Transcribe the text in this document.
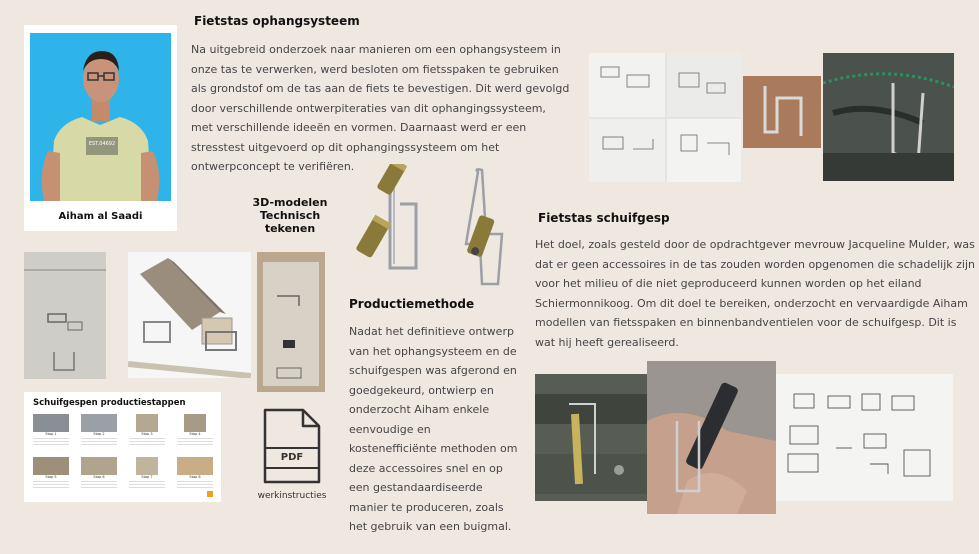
EST.04692
Aiham al Saadi
Fietstas ophangsysteem
Na uitgebreid onderzoek naar manieren om een ophangsysteem in onze tas te verwerken, werd besloten om fietsspaken te gebruiken als grondstof om de tas aan de fiets te bevestigen. Dit werd gevolgd door verschillende ontwerpiteraties van dit ophangingssysteem, met verschillende ideeën en vormen. Daarnaast werd er een stresstest uitgevoerd op dit ophangingssysteem om het ontwerpconcept te verifiëren.
3D-modelen Technisch
tekenen
Productiemethode
Nadat het definitieve ontwerp van het ophangsysteem en de schuifgespen was afgerond en goedgekeurd, ontwierp en onderzocht Aiham enkele eenvoudige en kostenefficiënte methoden om deze accessoires snel en op een gestandaardiseerde manier te produceren, zoals het gebruik van een buigmal.
Fietstas schuifgesp
Het doel, zoals gesteld door de opdrachtgever mevrouw Jacqueline Mulder, was dat er geen accessoires in de tas zouden worden opgenomen die schadelijk zijn voor het milieu of die niet geproduceerd kunnen worden op het eiland Schiermonnikoog. Om dit doel te bereiken, onderzocht en vervaardigde Aiham modellen van fietsspaken en binnenbandventielen voor de schuifgesp. Dit is wat hij heeft gerealiseerd.
Schuifgespen productiestappen
Stap 1	Stap 2	Stap 3	Stap 4
Stap 5	Stap 6	Stap 7	Stap 8
PDF
werkinstructies
